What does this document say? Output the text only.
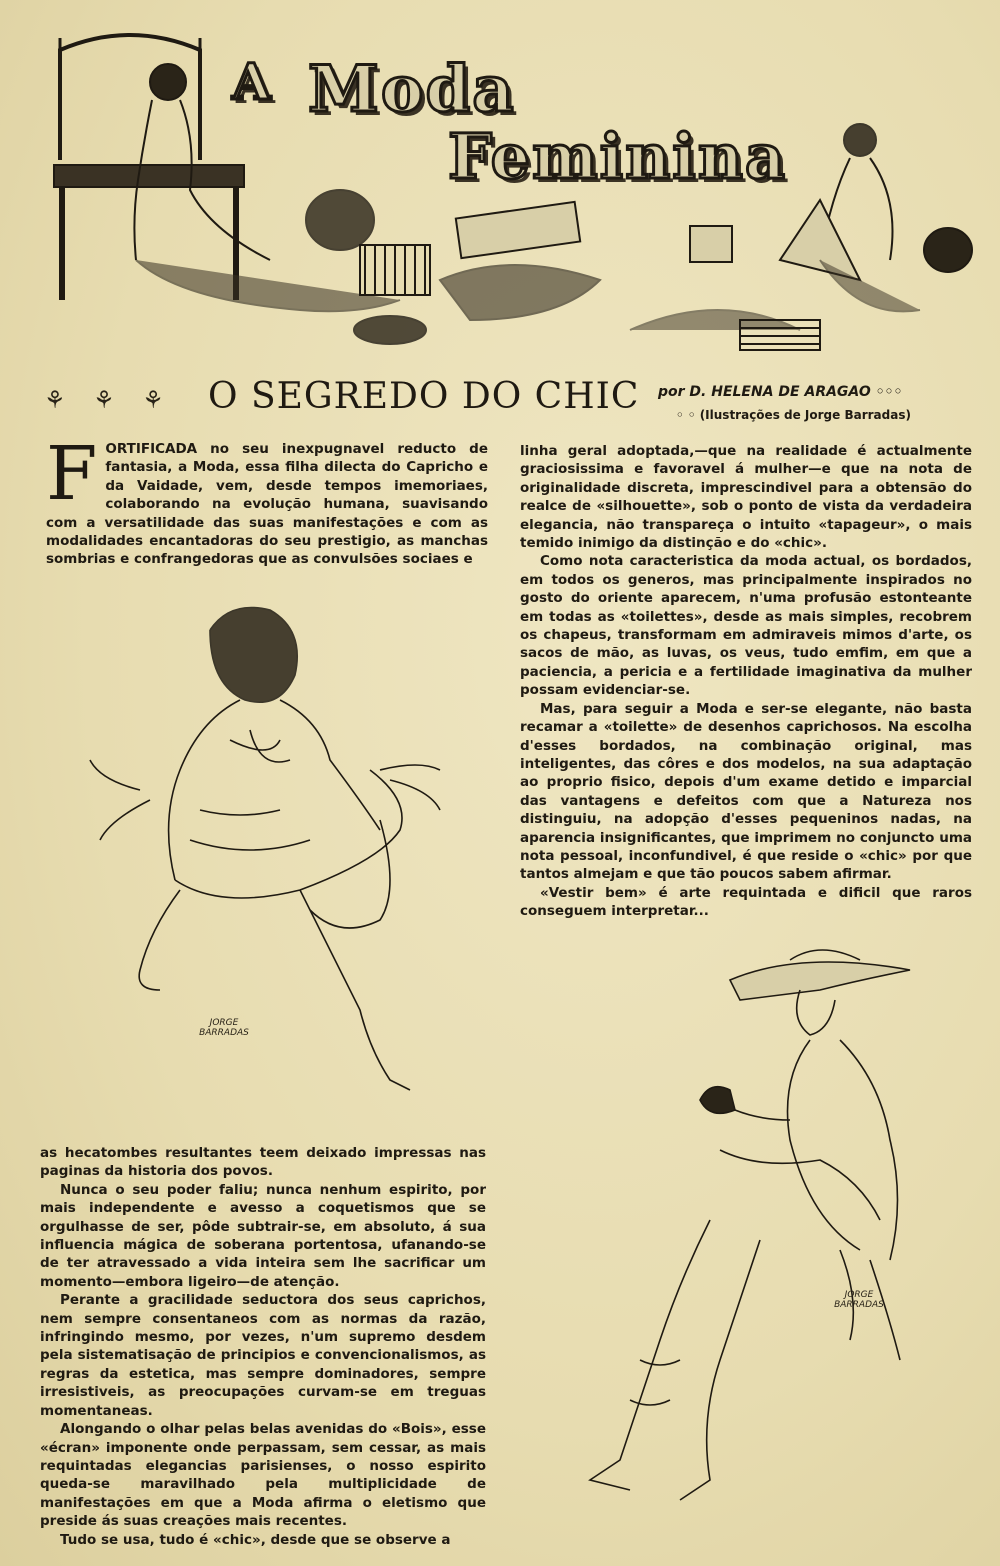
A Moda
Feminina
⚘ ⚘ ⚘ O SEGREDO DO CHIC por D. HELENA DE ARAGAO ◦◦◦
◦ ◦ (Ilustrações de Jorge Barradas)

FORTIFICADA no seu inexpugnavel reducto de fantasia, a Moda, essa filha dilecta do Capricho e da Vaidade, vem, desde tempos imemoriaes, colaborando na evolução humana, suavisando com a versatilidade das suas manifestações e com as modalidades encantadoras do seu prestigio, as manchas sombrias e confrangedoras que as convulsões sociaes e

JORGE BARRADAS

as hecatombes resultantes teem deixado impressas nas paginas da historia dos povos.

Nunca o seu poder faliu; nunca nenhum espirito, por mais independente e avesso a coquetismos que se orgulhasse de ser, pôde subtrair-se, em absoluto, á sua influencia mágica de soberana portentosa, ufanando-se de ter atravessado a vida inteira sem lhe sacrificar um momento—embora ligeiro—de atenção.

Perante a gracilidade seductora dos seus caprichos, nem sempre consentaneos com as normas da razão, infringindo mesmo, por vezes, n'um supremo desdem pela sistematisação de principios e convencionalismos, as regras da estetica, mas sempre dominadores, sempre irresistiveis, as preocupações curvam-se em treguas momentaneas.

Alongando o olhar pelas belas avenidas do «Bois», esse «écran» imponente onde perpassam, sem cessar, as mais requintadas elegancias parisienses, o nosso espirito queda-se maravilhado pela multiplicidade de manifestações em que a Moda afirma o eletismo que preside ás suas creações mais recentes.

Tudo se usa, tudo é «chic», desde que se observe a

linha geral adoptada,—que na realidade é actualmente graciosissima e favoravel á mulher—e que na nota de originalidade discreta, imprescindivel para a obtensão do realce de «silhouette», sob o ponto de vista da verdadeira elegancia, não transpareça o intuito «tapageur», o mais temido inimigo da distinção e do «chic».

Como nota caracteristica da moda actual, os bordados, em todos os generos, mas principalmente inspirados no gosto do oriente aparecem, n'uma profusão estonteante em todas as «toilettes», desde as mais simples, recobrem os chapeus, transformam em admiraveis mimos d'arte, os sacos de mão, as luvas, os veus, tudo emfim, em que a paciencia, a pericia e a fertilidade imaginativa da mulher possam evidenciar-se.

Mas, para seguir a Moda e ser-se elegante, não basta recamar a «toilette» de desenhos caprichosos. Na escolha d'esses bordados, na combinação original, mas inteligentes, das côres e dos modelos, na sua adaptação ao proprio fisico, depois d'um exame detido e imparcial das vantagens e defeitos com que a Natureza nos distinguiu, na adopção d'esses pequeninos nadas, na aparencia insignificantes, que imprimem no conjuncto uma nota pessoal, inconfundivel, é que reside o «chic» por que tantos almejam e que tão poucos sabem afirmar.

«Vestir bem» é arte requintada e dificil que raros conseguem interpretar...

JORGE BARRADAS
